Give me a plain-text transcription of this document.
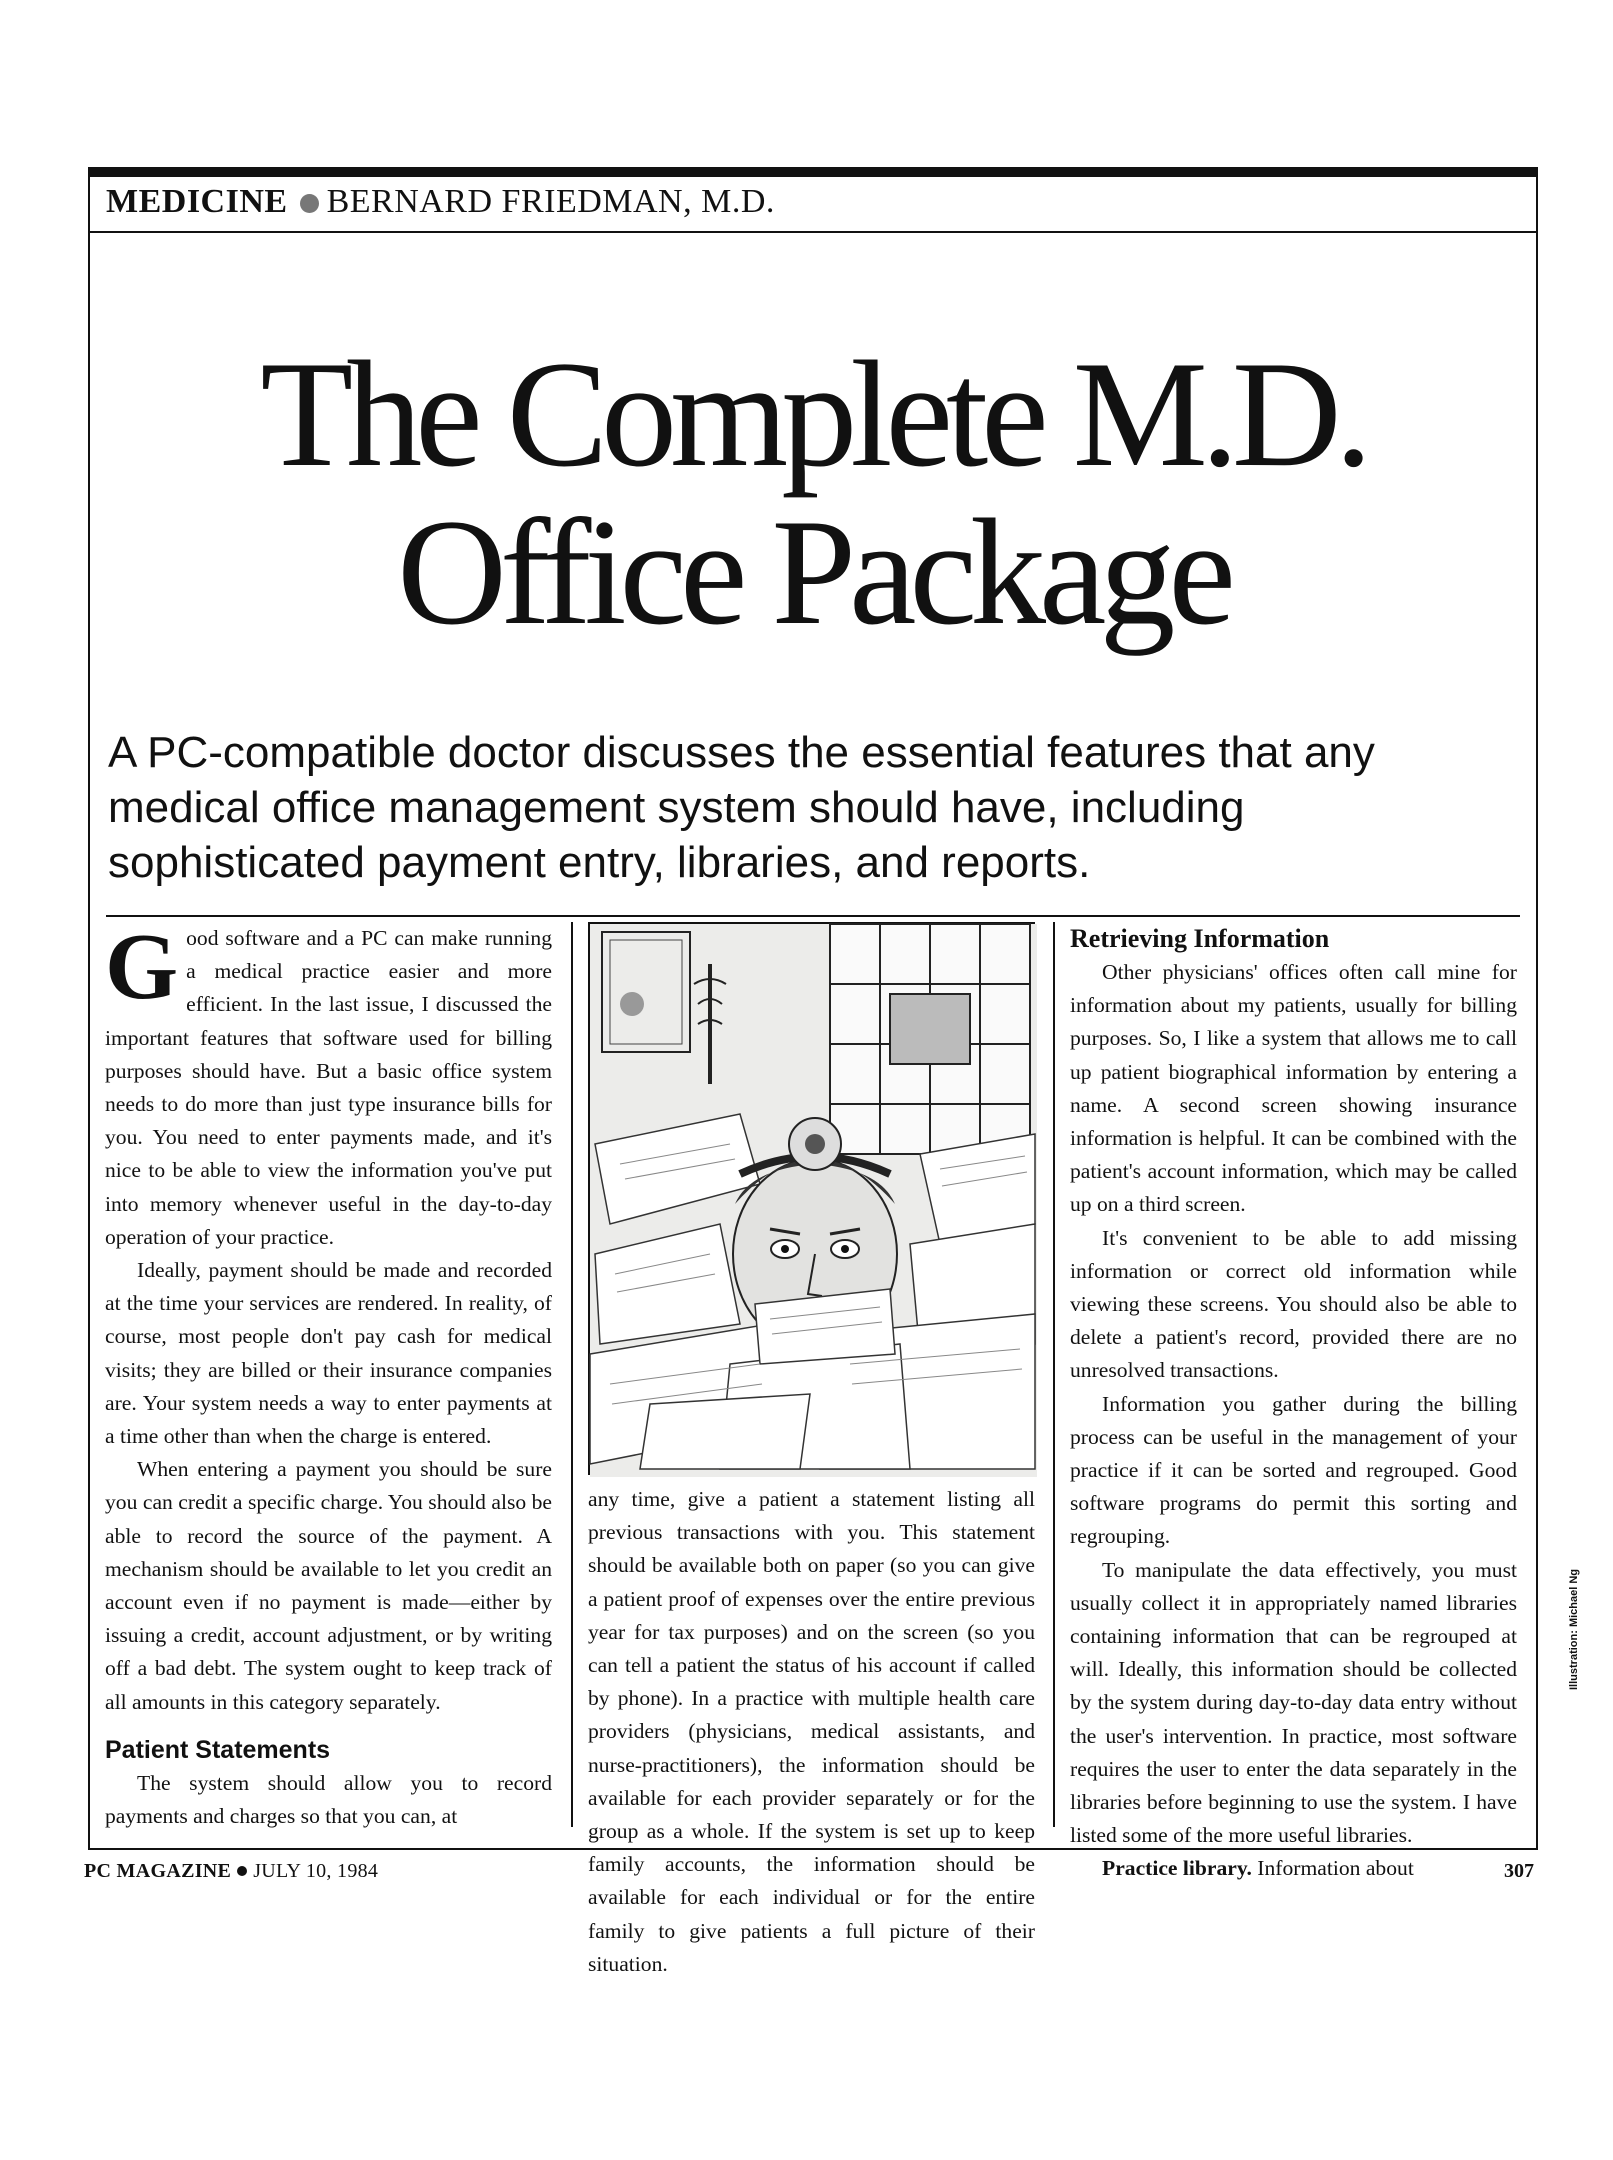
MEDICINE BERNARD FRIEDMAN, M.D.
The Complete M.D.
Office Package
A PC-compatible doctor discusses the essential features that any medical office management system should have, including sophisticated payment entry, libraries, and reports.

Good software and a PC can make running a medical practice easier and more efficient. In the last issue, I discussed the important features that software used for billing purposes should have. But a basic office system needs to do more than just type insurance bills for you. You need to enter payments made, and it's nice to be able to view the information you've put into memory whenever useful in the day-to-day operation of your practice.

Ideally, payment should be made and recorded at the time your services are rendered. In reality, of course, most people don't pay cash for medical visits; they are billed or their insurance companies are. Your system needs a way to enter payments at a time other than when the charge is entered.

When entering a payment you should be sure you can credit a specific charge. You should also be able to record the source of the payment. A mechanism should be available to let you credit an account even if no payment is made—either by issuing a credit, account adjustment, or by writing off a bad debt. The system ought to keep track of all amounts in this category separately.

Patient Statements

The system should allow you to record payments and charges so that you can, at

any time, give a patient a statement listing all previous transactions with you. This statement should be available both on paper (so you can give a patient proof of expenses over the entire previous year for tax purposes) and on the screen (so you can tell a patient the status of his account if called by phone). In a practice with multiple health care providers (physicians, medical assistants, and nurse-practitioners), the information should be available for each provider separately or for the group as a whole. If the system is set up to keep family accounts, the information should be available for each individual or for the entire family to give patients a full picture of their situation.

Retrieving Information

Other physicians' offices often call mine for information about my patients, usually for billing purposes. So, I like a system that allows me to call up patient biographical information by entering a name. A second screen showing insurance information is helpful. It can be combined with the patient's account information, which may be called up on a third screen.

It's convenient to be able to add missing information or correct old information while viewing these screens. You should also be able to delete a patient's record, provided there are no unresolved transactions.

Information you gather during the billing process can be useful in the management of your practice if it can be sorted and regrouped. Good software programs do permit this sorting and regrouping.

To manipulate the data effectively, you must usually collect it in appropriately named libraries containing information that can be regrouped at will. Ideally, this information should be collected by the system during day-to-day data entry without the user's intervention. In practice, most software requires the user to enter the data separately in the libraries before beginning to use the system. I have listed some of the more useful libraries.

Practice library. Information about

Illustration: Michael Ng
PC MAGAZINE JULY 10, 1984	307
